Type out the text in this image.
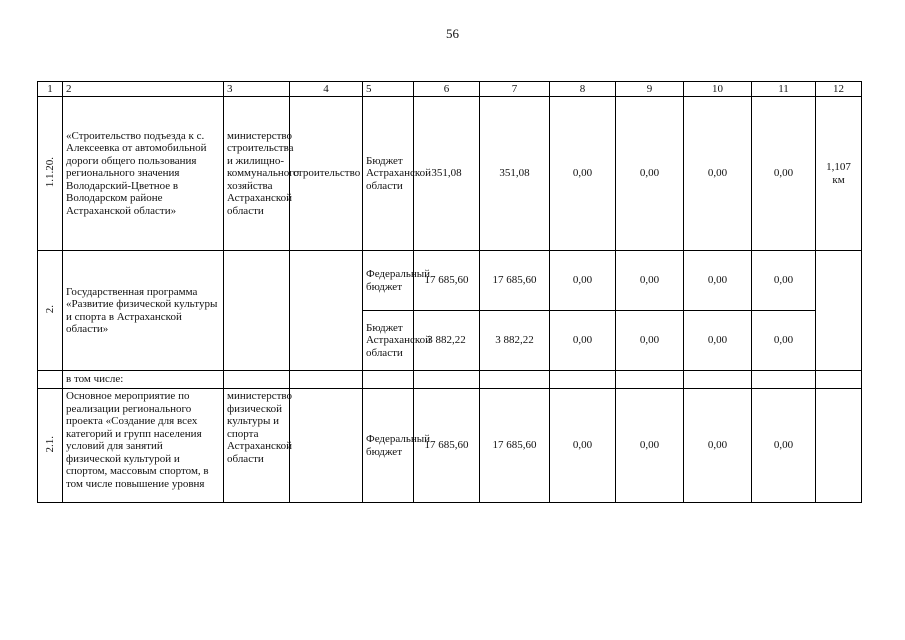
56
1	2	3	4	5	6	7	8	9	10	11	12
1.1.20.	«Строительство подъезда к с. Алексеевка от автомобильной дороги общего пользования регионального значения Володарский-Цветное в Володарском районе Астраханской области»	министерство строительства и жилищно-коммунального хозяйства Астраханской области	строительство	Бюджет Астраханской области	351,08	351,08	0,00	0,00	0,00	0,00	1,107 км
2.	Государственная программа «Развитие физической культуры и спорта в Астраханской области»			Федеральный бюджет	17 685,60	17 685,60	0,00	0,00	0,00	0,00	
				Бюджет Астраханской области	3 882,22	3 882,22	0,00	0,00	0,00	0,00	
	в том числе:										
2.1.	Основное мероприятие по реализации регионального проекта «Создание для всех категорий и групп населения условий для занятий физической культурой и спортом, массовым спортом, в том числе повышение уровня	министерство физической культуры и спорта Астраханской области		Федеральный бюджет	17 685,60	17 685,60	0,00	0,00	0,00	0,00	
